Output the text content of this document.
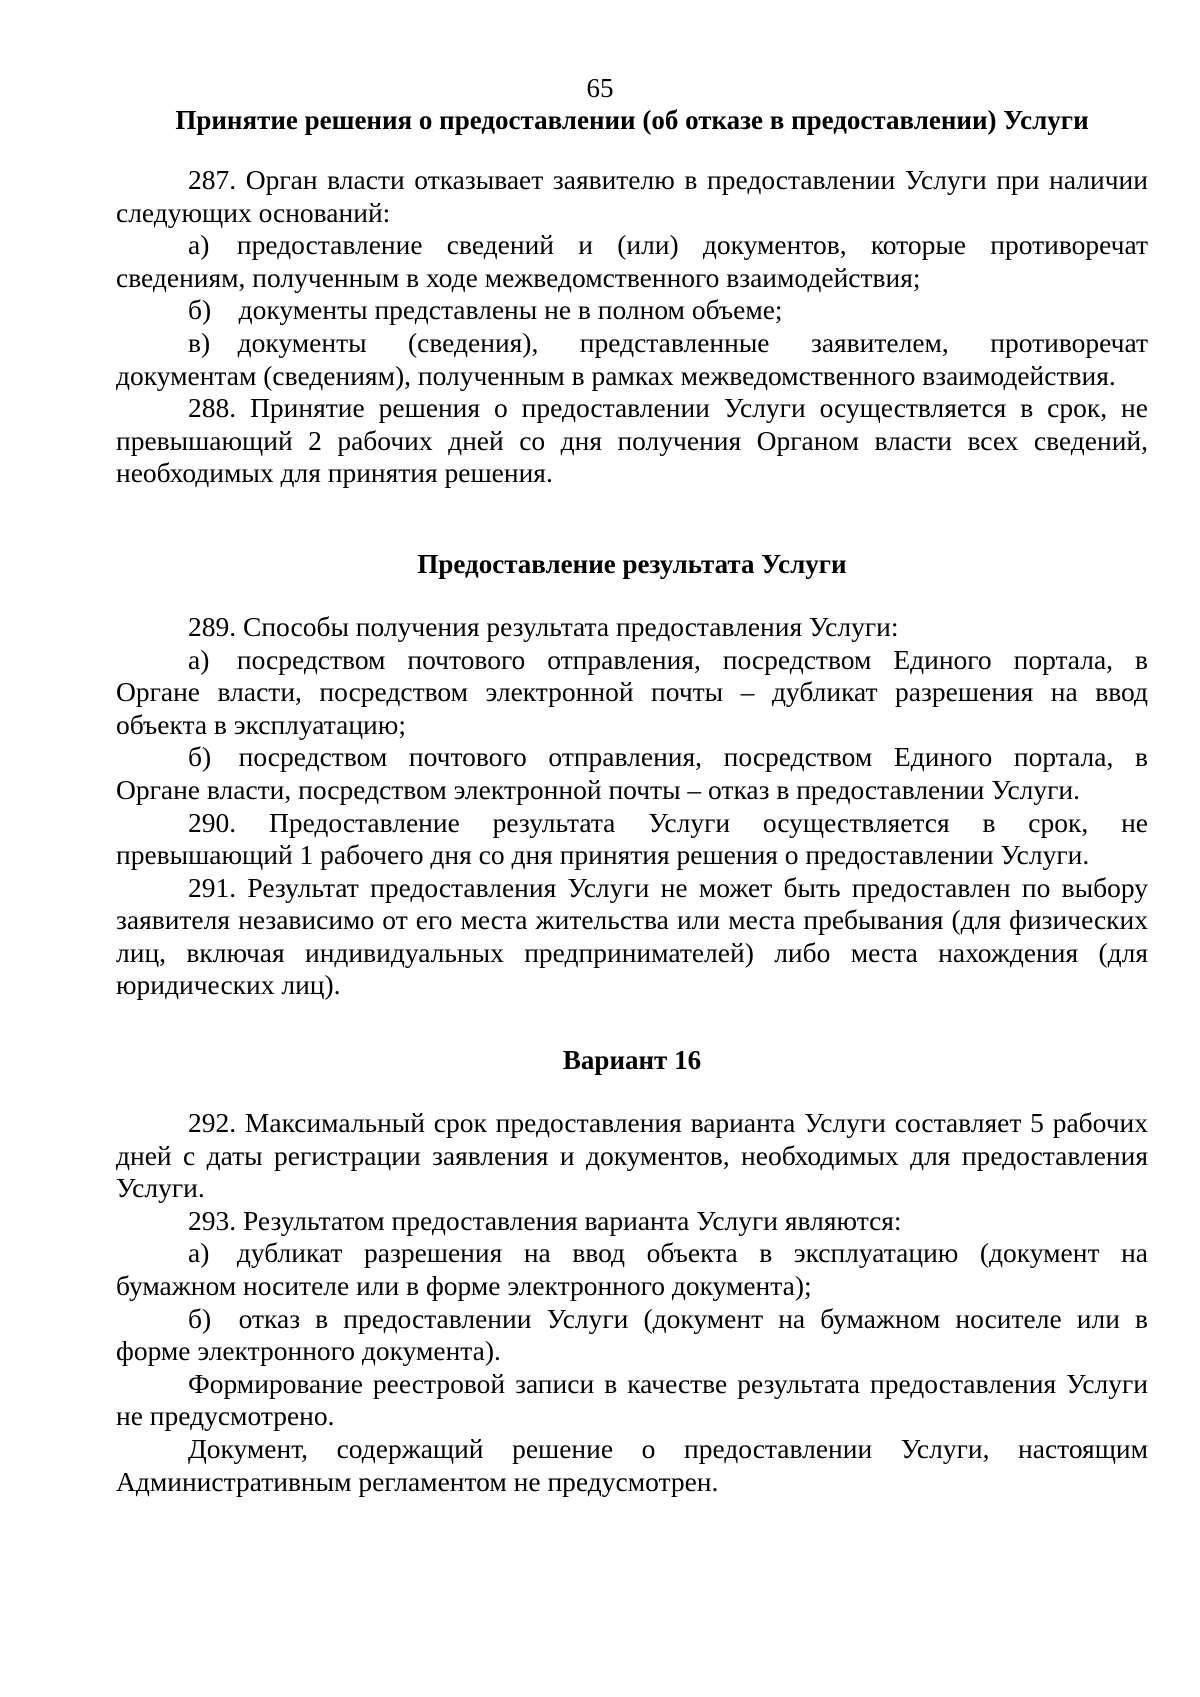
65
Принятие решения о предоставлении (об отказе в предоставлении) Услуги

287. Орган власти отказывает заявителю в предоставлении Услуги при наличии следующих оснований:

а) предоставление сведений и (или) документов, которые противоречат сведениям, полученным в ходе межведомственного взаимодействия;

б) документы представлены не в полном объеме;

в) документы (сведения), представленные заявителем, противоречат документам (сведениям), полученным в рамках межведомственного взаимодействия.

288. Принятие решения о предоставлении Услуги осуществляется в срок, не превышающий 2 рабочих дней со дня получения Органом власти всех сведений, необходимых для принятия решения.

Предоставление результата Услуги

289. Способы получения результата предоставления Услуги:

а) посредством почтового отправления, посредством Единого портала, в Органе власти, посредством электронной почты – дубликат разрешения на ввод объекта в эксплуатацию;

б) посредством почтового отправления, посредством Единого портала, в Органе власти, посредством электронной почты – отказ в предоставлении Услуги.

290. Предоставление результата Услуги осуществляется в срок, не превышающий 1 рабочего дня со дня принятия решения о предоставлении Услуги.

291. Результат предоставления Услуги не может быть предоставлен по выбору заявителя независимо от его места жительства или места пребывания (для физических лиц, включая индивидуальных предпринимателей) либо места нахождения (для юридических лиц).

Вариант 16

292. Максимальный срок предоставления варианта Услуги составляет 5 рабочих дней с даты регистрации заявления и документов, необходимых для предоставления Услуги.

293. Результатом предоставления варианта Услуги являются:

а) дубликат разрешения на ввод объекта в эксплуатацию (документ на бумажном носителе или в форме электронного документа);

б) отказ в предоставлении Услуги (документ на бумажном носителе или в форме электронного документа).

Формирование реестровой записи в качестве результата предоставления Услуги не предусмотрено.

Документ, содержащий решение о предоставлении Услуги, настоящим Административным регламентом не предусмотрен.
